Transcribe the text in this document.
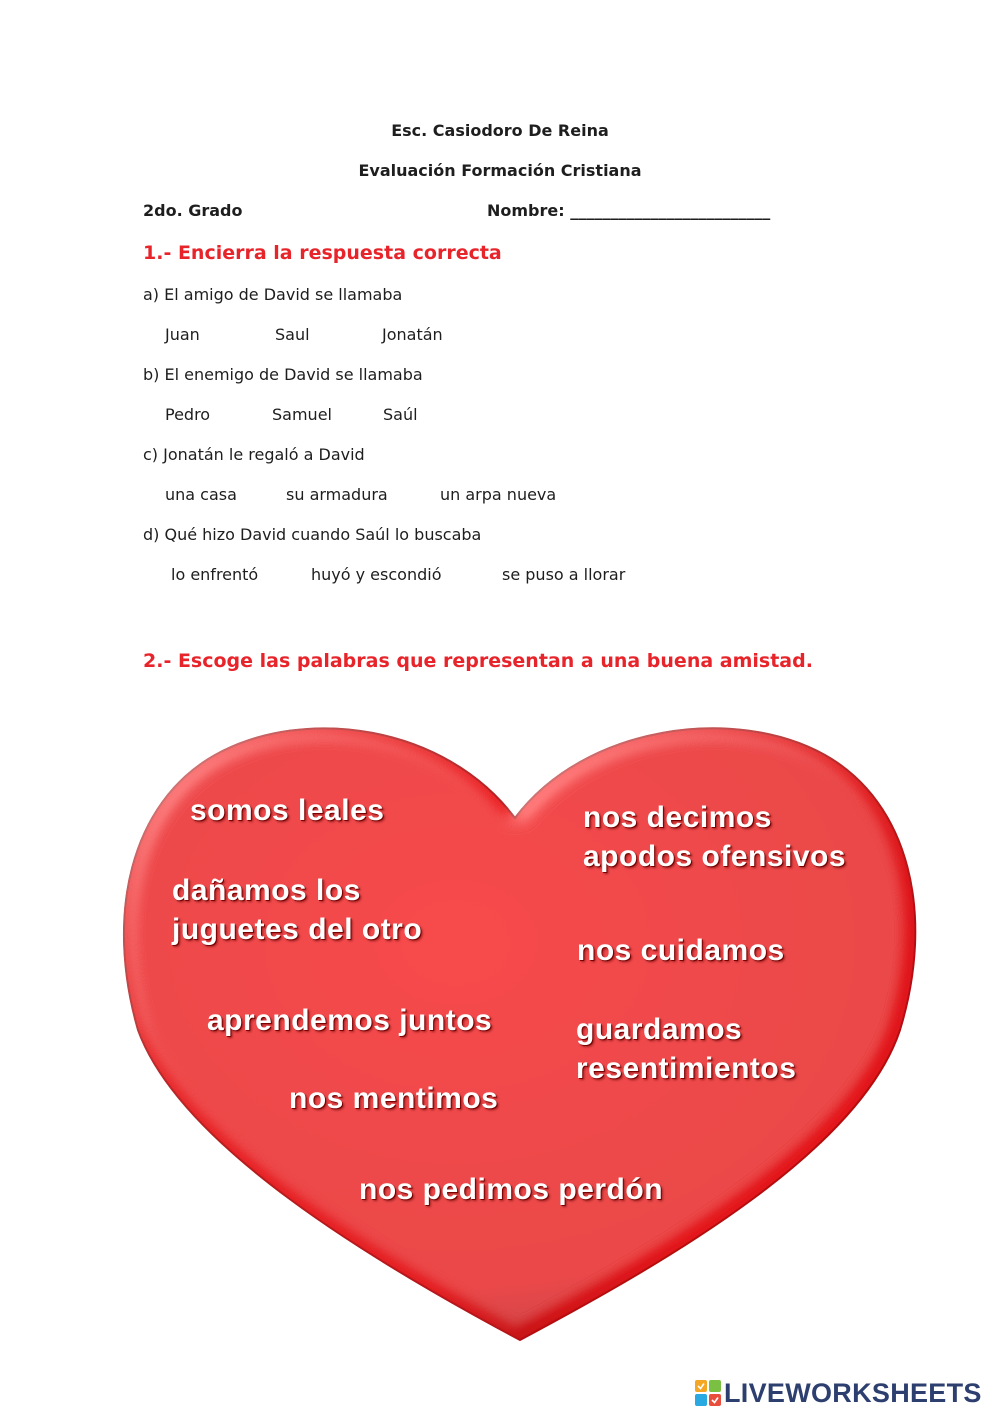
Esc. Casiodoro De Reina
Evaluación Formación Cristiana
2do. Grado	Nombre: _________________________
1.- Encierra la respuesta correcta
a) El amigo de David se llamaba
Juan	Saul	Jonatán
b) El enemigo de David se llamaba
Pedro	Samuel	Saúl
c) Jonatán le regaló a David
una casa	su armadura	un arpa nueva
d) Qué hizo David cuando Saúl lo buscaba
lo enfrentó	huyó y escondió	se puso a llorar
2.- Escoge las palabras que representan a una buena amistad.
somos leales	nos decimos apodos ofensivos
dañamos los juguetes del otro
nos cuidamos
aprendemos juntos	guardamos resentimientos
nos mentimos
nos pedimos perdón
LIVEWORKSHEETS
